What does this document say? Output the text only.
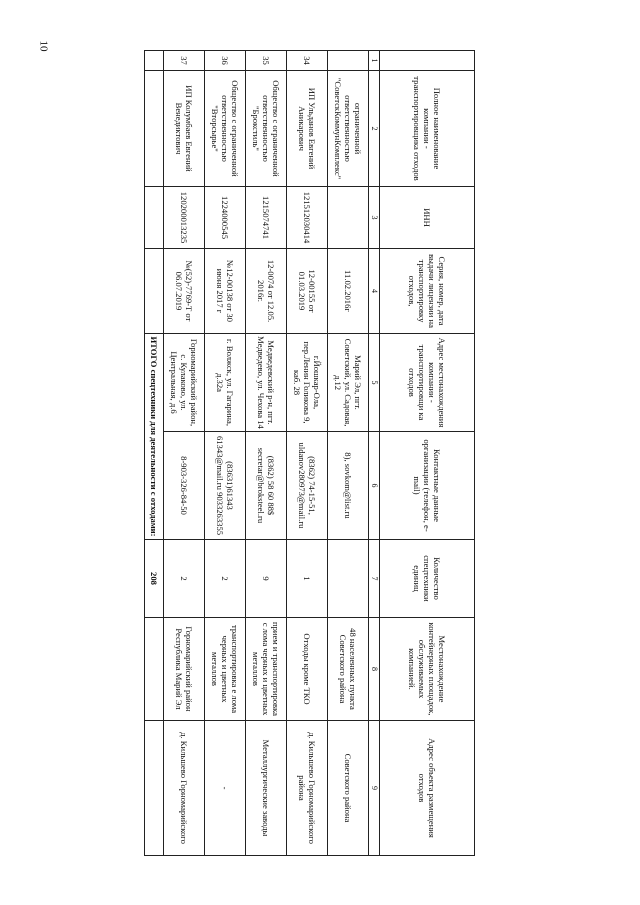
10
	Полное наименование компании - транспортировщика отходов	ИНН	Серия, номер, дата выдачи лицензии на транспортировку отходов,	Адрес местонахождения компании - транспортировщи ка отходов	Контактные данные организации (телефон, e-mail)	Количество спецтехники единиц	Местонахождение контейнерных площадок, обслуживаемых компанией.	Адрес объекта размещения отходов
1	2	3	4	5	6	7	8	9
	ограниченной ответственностью "СоветскКоммунКомплекс"		11.02.2016г	Марий Эл, пгт. Советский, ул. Садовая, д.12	8), sovkom@list.ru		48 населенных пункта Советского района	Советского района
34	ИП Ульданов Евгений Аникарович	121512030414	12-00155 от 01.03.2019	г.Йошкар-Ола, пер.Ленин Голикова 9, каб. 28	(8362) 74-15-51, uldanov280973@mail.ru	1	Отходы кроме ТКО	д. Кильшево Горномарийского района
35	Общество с ограниченной ответственностью "Брокстиль"	1215074741	12-0074 от 12.05. 2016г.	Медведевский р-н, пгт. Медведево, ул. Чехова 14	(8362) 58 60 88$ secretar@brokstеel.ru	9	прием и транспортировка с лома черных и цветных металлов	Металлургические заводы
36	Общество с ограниченной ответственностью "Вторсырье"	1224000545	№12-00138 от 30 июня 2017 г	г. Волжск, ул. Гагарина, д.32а	(83631)61343 61343@mail.ru 9033263355	2	транспортировка е лома черных и цветных металлов	-
37	ИП Колумбаев Евгений Венедиктович	120200013235	№(52)-7769-Т от 06.07.2019	Горномарийский район, с. Кулаково, ул. Центральная, д.6	8-903-326-84-50	2	Горномарийский район Республика Марий Эл	д. Кильшево Горномарийского
				ИТОГО спецтехники для деятельности с отходами:		208		
